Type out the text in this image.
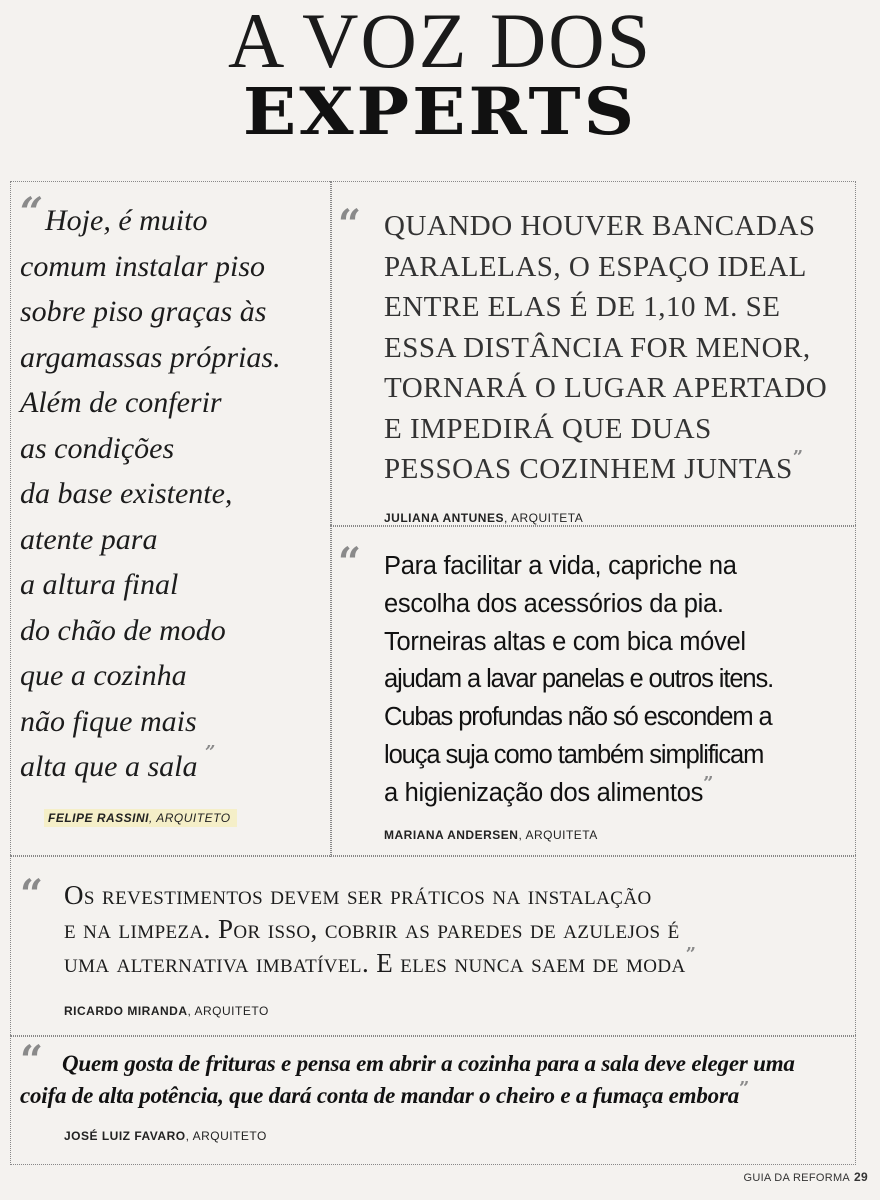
A VOZ DOS
EXPERTS
“ Hoje, é muito
comum instalar piso
sobre piso graças às
argamassas próprias.
Além de conferir
as condições
da base existente,
atente para
a altura final
do chão de modo
que a cozinha
não fique mais
alta que a sala ”
FELIPE RASSINI, ARQUITETO
“ QUANDO HOUVER BANCADAS
PARALELAS, O ESPAÇO IDEAL
ENTRE ELAS É DE 1,10 M. SE
ESSA DISTÂNCIA FOR MENOR,
TORNARÁ O LUGAR APERTADO
E IMPEDIRÁ QUE DUAS
PESSOAS COZINHEM JUNTAS”
JULIANA ANTUNES, ARQUITETA
“ Para facilitar a vida, capriche na
escolha dos acessórios da pia.
Torneiras altas e com bica móvel
ajudam a lavar panelas e outros itens.
Cubas profundas não só escondem a
louça suja como também simplificam
a higienização dos alimentos”
MARIANA ANDERSEN, ARQUITETA
“ Os revestimentos devem ser práticos na instalação
e na limpeza. Por isso, cobrir as paredes de azulejos é
uma alternativa imbatível. E eles nunca saem de moda”
RICARDO MIRANDA, ARQUITETO
“ Quem gosta de frituras e pensa em abrir a cozinha para a sala deve eleger uma
coifa de alta potência, que dará conta de mandar o cheiro e a fumaça embora”
JOSÉ LUIZ FAVARO, ARQUITETO
GUIA DA REFORMA 29
